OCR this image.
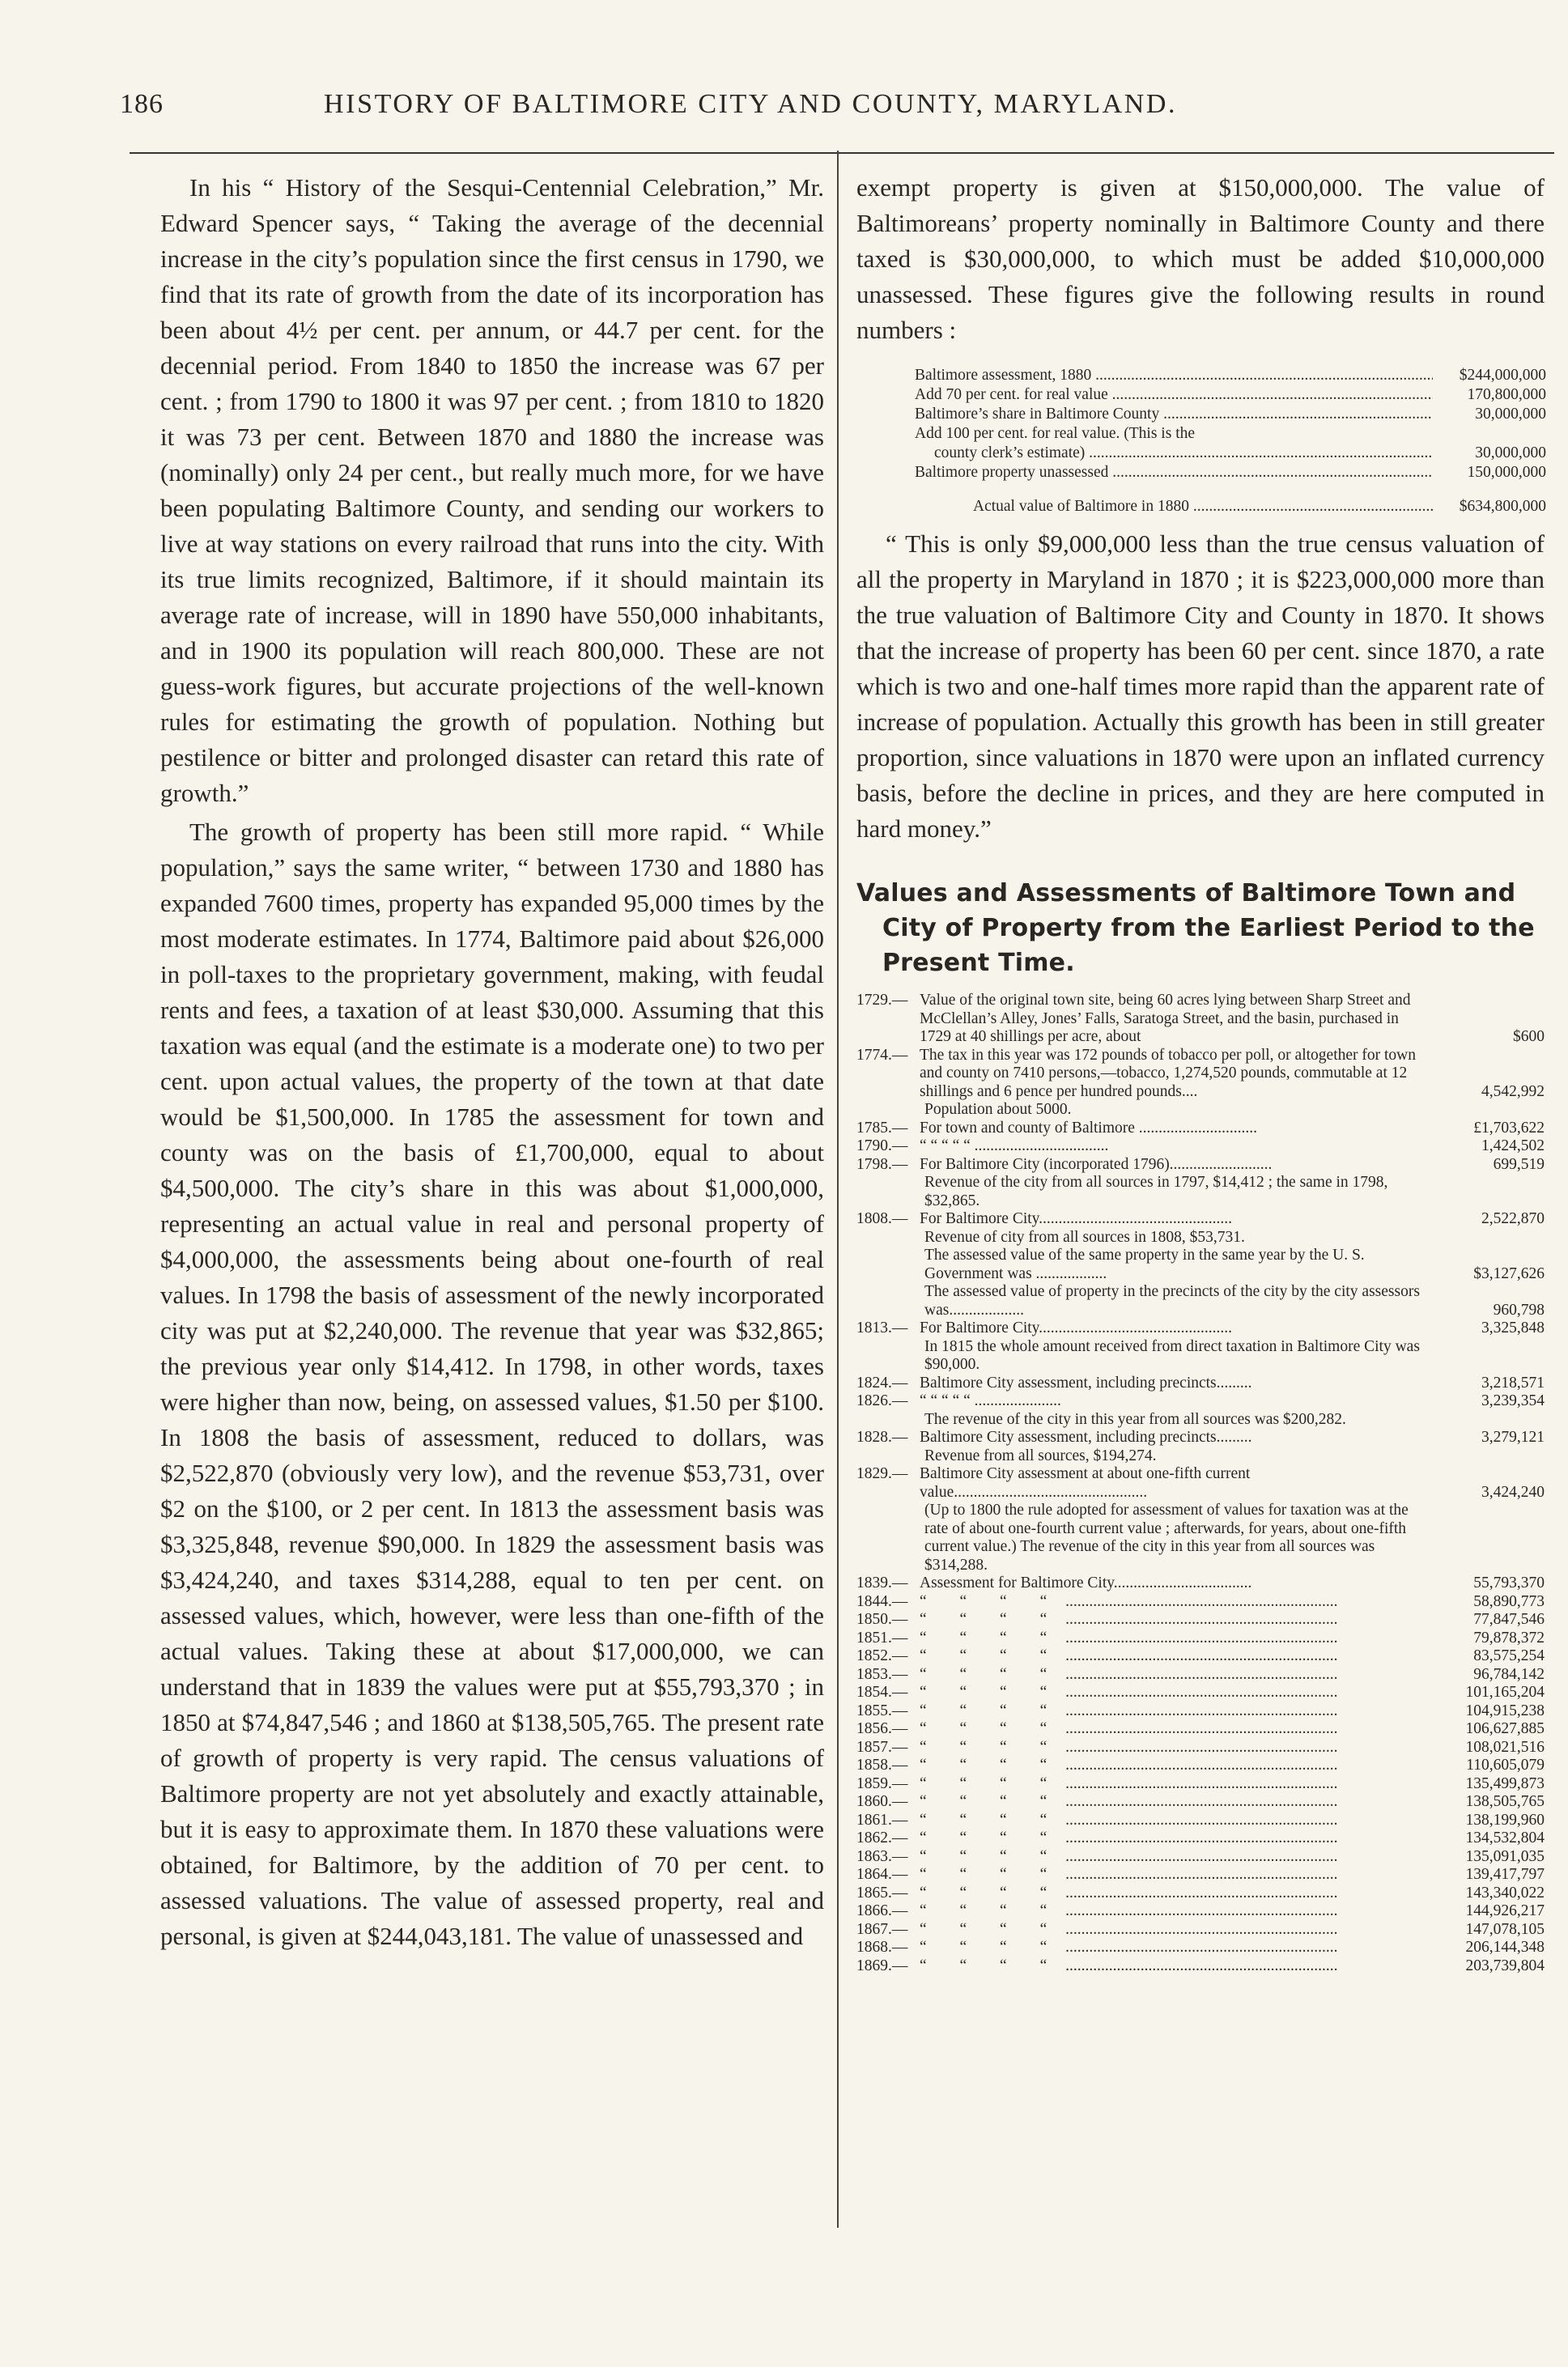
186	HISTORY OF BALTIMORE CITY AND COUNTY, MARYLAND.

In his “ History of the Sesqui-Centennial Celebration,” Mr. Edward Spencer says, “ Taking the average of the decennial increase in the city’s population since the first census in 1790, we find that its rate of growth from the date of its incorporation has been about 4½ per cent. per annum, or 44.7 per cent. for the decennial period. From 1840 to 1850 the increase was 67 per cent. ; from 1790 to 1800 it was 97 per cent. ; from 1810 to 1820 it was 73 per cent. Between 1870 and 1880 the increase was (nominally) only 24 per cent., but really much more, for we have been populating Baltimore County, and sending our workers to live at way stations on every railroad that runs into the city. With its true limits recognized, Baltimore, if it should maintain its average rate of increase, will in 1890 have 550,000 inhabitants, and in 1900 its population will reach 800,000. These are not guess-work figures, but accurate projections of the well-known rules for estimating the growth of population. Nothing but pestilence or bitter and prolonged disaster can retard this rate of growth.”

The growth of property has been still more rapid. “ While population,” says the same writer, “ between 1730 and 1880 has expanded 7600 times, property has expanded 95,000 times by the most moderate estimates. In 1774, Baltimore paid about $26,000 in poll-taxes to the proprietary government, making, with feudal rents and fees, a taxation of at least $30,000. Assuming that this taxation was equal (and the estimate is a moderate one) to two per cent. upon actual values, the property of the town at that date would be $1,500,000. In 1785 the assessment for town and county was on the basis of £1,700,000, equal to about $4,500,000. The city’s share in this was about $1,000,000, representing an actual value in real and personal property of $4,000,000, the assessments being about one-fourth of real values. In 1798 the basis of assessment of the newly incorporated city was put at $2,240,000. The revenue that year was $32,865; the previous year only $14,412. In 1798, in other words, taxes were higher than now, being, on assessed values, $1.50 per $100. In 1808 the basis of assessment, reduced to dollars, was $2,522,870 (obviously very low), and the revenue $53,731, over $2 on the $100, or 2 per cent. In 1813 the assessment basis was $3,325,848, revenue $90,000. In 1829 the assessment basis was $3,424,240, and taxes $314,288, equal to ten per cent. on assessed values, which, however, were less than one-fifth of the actual values. Taking these at about $17,000,000, we can understand that in 1839 the values were put at $55,793,370 ; in 1850 at $74,847,546 ; and 1860 at $138,505,765. The present rate of growth of property is very rapid. The census valuations of Baltimore property are not yet absolutely and exactly attainable, but it is easy to approximate them. In 1870 these valuations were obtained, for Baltimore, by the addition of 70 per cent. to assessed valuations. The value of assessed property, real and personal, is given at $244,043,181. The value of unassessed and

exempt property is given at $150,000,000. The value of Baltimoreans’ property nominally in Baltimore County and there taxed is $30,000,000, to which must be added $10,000,000 unassessed. These figures give the following results in round numbers :

Baltimore assessment, 1880 .....	$244,000,000
Add 70 per cent. for real value .....	170,800,000
Baltimore’s share in Baltimore County .....	30,000,000
Add 100 per cent. for real value. (This is the
county clerk’s estimate) .....	30,000,000
Baltimore property unassessed .....	150,000,000
Actual value of Baltimore in 1880 .....	$634,800,000

“ This is only $9,000,000 less than the true census valuation of all the property in Maryland in 1870 ; it is $223,000,000 more than the true valuation of Baltimore City and County in 1870. It shows that the increase of property has been 60 per cent. since 1870, a rate which is two and one-half times more rapid than the apparent rate of increase of population. Actually this growth has been in still greater proportion, since valuations in 1870 were upon an inflated currency basis, before the decline in prices, and they are here computed in hard money.”

Values and Assessments of Baltimore Town and
City of Property from the Earliest Period to the
Present Time.
1729.— Value of the original town site, being 60 acres lying between Sharp Street and McClellan’s Alley, Jones’ Falls, Saratoga Street, and the basin, purchased in 1729 at 40 shillings per acre, about	$600
1774.— The tax in this year was 172 pounds of tobacco per poll, or altogether for town and county on 7410 persons,—tobacco, 1,274,520 pounds, commutable at 12 shillings and 6 pence per hundred pounds....	4,542,992
Population about 5000.
1785.— For town and county of Baltimore ..............................	£1,703,622
1790.— “ “ “ “ “ ..................................	1,424,502
1798.— For Baltimore City (incorporated 1796)..........................	699,519
Revenue of the city from all sources in 1797, $14,412 ; the same in 1798, $32,865.
1808.— For Baltimore City.................................................	2,522,870
Revenue of city from all sources in 1808, $53,731.
The assessed value of the same property in the same year by the U. S. Government was ..................	$3,127,626
The assessed value of property in the precincts of the city by the city assessors was...................	960,798
1813.— For Baltimore City.................................................	3,325,848
In 1815 the whole amount received from direct taxation in Baltimore City was $90,000.
1824.— Baltimore City assessment, including precincts.........	3,218,571
1826.— “ “ “ “ “ ......................	3,239,354
The revenue of the city in this year from all sources was $200,282.
1828.— Baltimore City assessment, including precincts.........	3,279,121
Revenue from all sources, $194,274.
1829.— Baltimore City assessment at about one-fifth current value.................................................	3,424,240
(Up to 1800 the rule adopted for assessment of values for taxation was at the rate of about one-fourth current value ; afterwards, for years, about one-fifth current value.) The revenue of the city in this year from all sources was $314,288.
1839.— Assessment for Baltimore City...................................	55,793,370
1844.— “ “ “ “ .....	58,890,773
1850.— “ “ “ “ .....	77,847,546
1851.— “ “ “ “ .....	79,878,372
1852.— “ “ “ “ .....	83,575,254
1853.— “ “ “ “ .....	96,784,142
1854.— “ “ “ “ .....	101,165,204
1855.— “ “ “ “ .....	104,915,238
1856.— “ “ “ “ .....	106,627,885
1857.— “ “ “ “ .....	108,021,516
1858.— “ “ “ “ .....	110,605,079
1859.— “ “ “ “ .....	135,499,873
1860.— “ “ “ “ .....	138,505,765
1861.— “ “ “ “ .....	138,199,960
1862.— “ “ “ “ .....	134,532,804
1863.— “ “ “ “ .....	135,091,035
1864.— “ “ “ “ .....	139,417,797
1865.— “ “ “ “ .....	143,340,022
1866.— “ “ “ “ .....	144,926,217
1867.— “ “ “ “ .....	147,078,105
1868.— “ “ “ “ .....	206,144,348
1869.— “ “ “ “ .....	203,739,804
